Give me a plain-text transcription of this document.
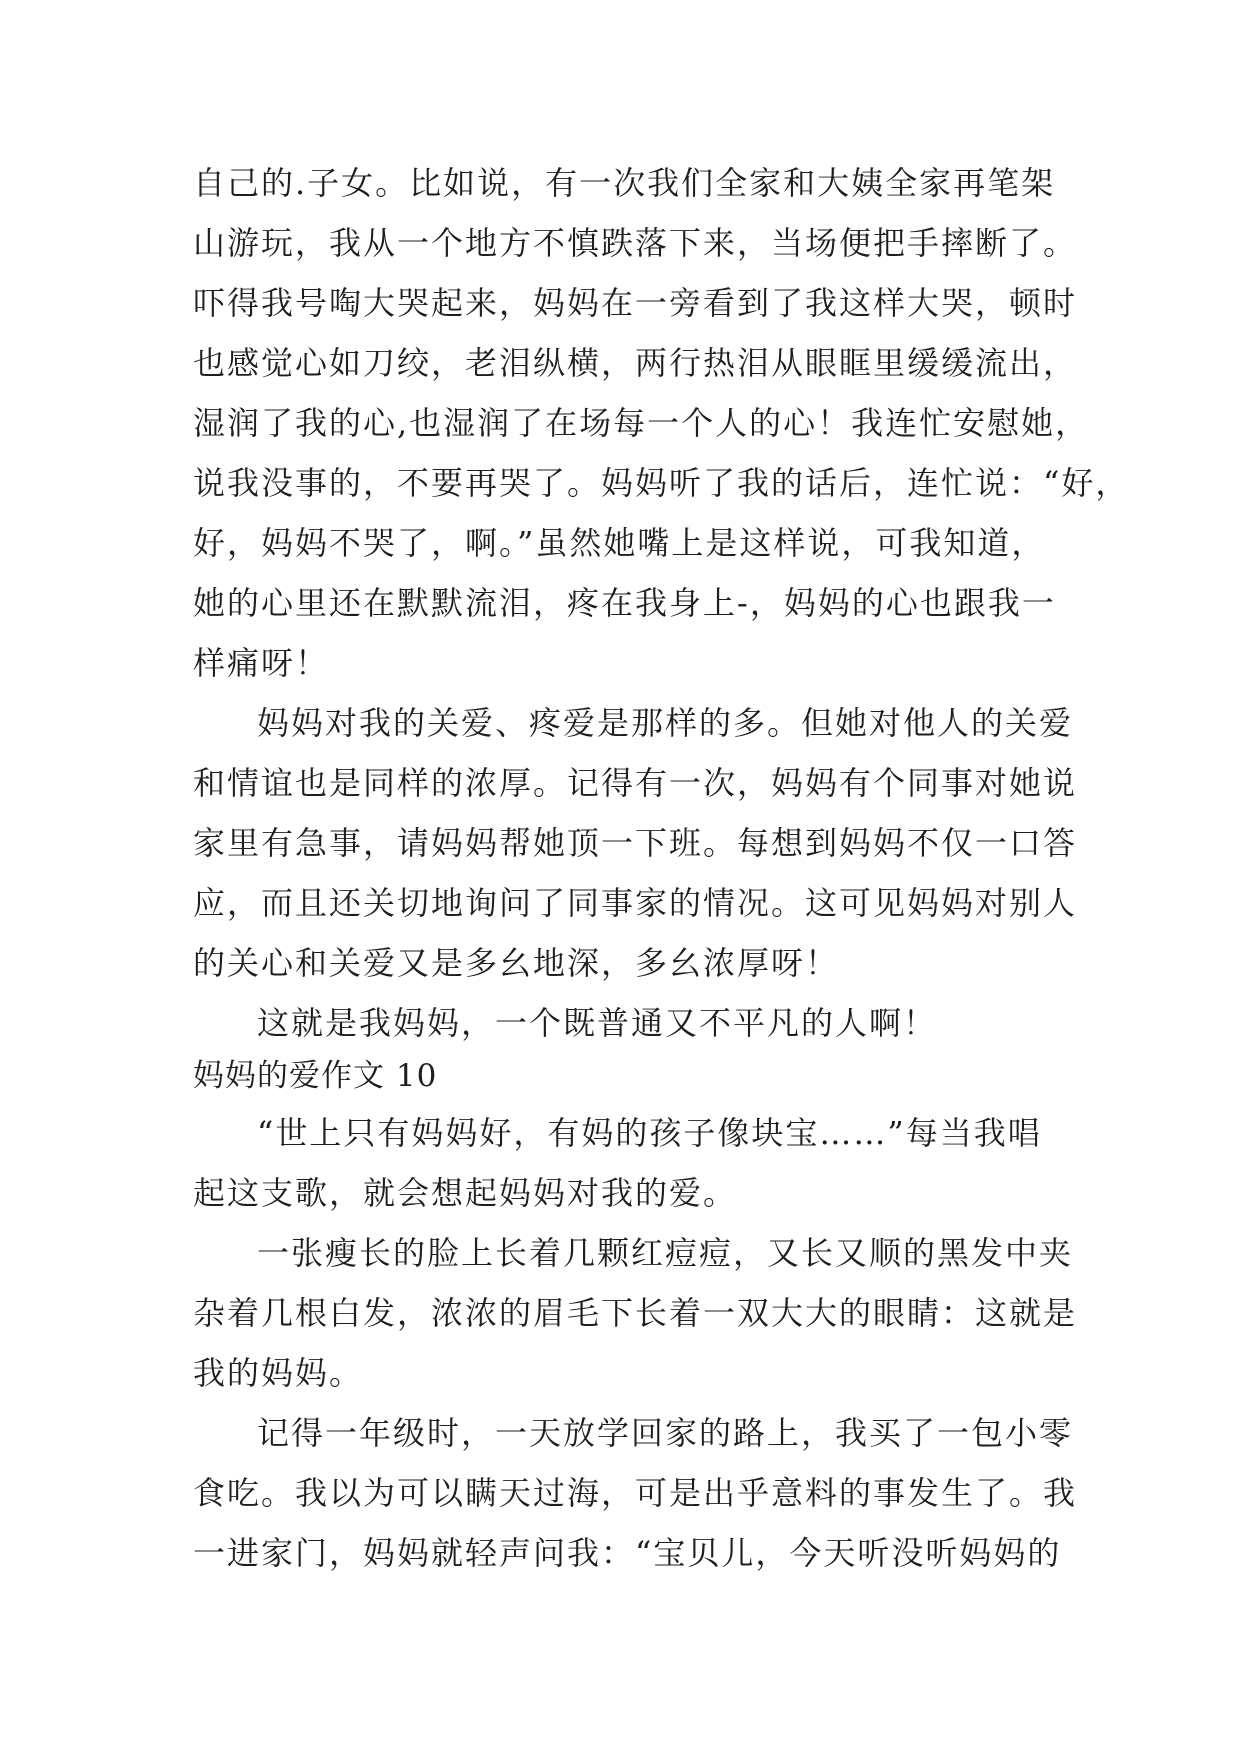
自己的.子女。比如说，有一次我们全家和大姨全家再笔架
山游玩，我从一个地方不慎跌落下来，当场便把手摔断了。
吓得我号啕大哭起来，妈妈在一旁看到了我这样大哭，顿时
也感觉心如刀绞，老泪纵横，两行热泪从眼眶里缓缓流出，
湿润了我的心,也湿润了在场每一个人的心！我连忙安慰她，
说我没事的，不要再哭了。妈妈听了我的话后，连忙说：“好，
好，妈妈不哭了，啊。”虽然她嘴上是这样说，可我知道，
她的心里还在默默流泪，疼在我身上-，妈妈的心也跟我一
样痛呀！
妈妈对我的关爱、疼爱是那样的多。但她对他人的关爱
和情谊也是同样的浓厚。记得有一次，妈妈有个同事对她说
家里有急事，请妈妈帮她顶一下班。每想到妈妈不仅一口答
应，而且还关切地询问了同事家的情况。这可见妈妈对别人
的关心和关爱又是多幺地深，多幺浓厚呀！
这就是我妈妈，一个既普通又不平凡的人啊！
妈妈的爱作文 10
“世上只有妈妈好，有妈的孩子像块宝……”每当我唱
起这支歌，就会想起妈妈对我的爱。
一张瘦长的脸上长着几颗红痘痘，又长又顺的黑发中夹
杂着几根白发，浓浓的眉毛下长着一双大大的眼睛：这就是
我的妈妈。
记得一年级时，一天放学回家的路上，我买了一包小零
食吃。我以为可以瞒天过海，可是出乎意料的事发生了。我
一进家门，妈妈就轻声问我：“宝贝儿，今天听没听妈妈的
